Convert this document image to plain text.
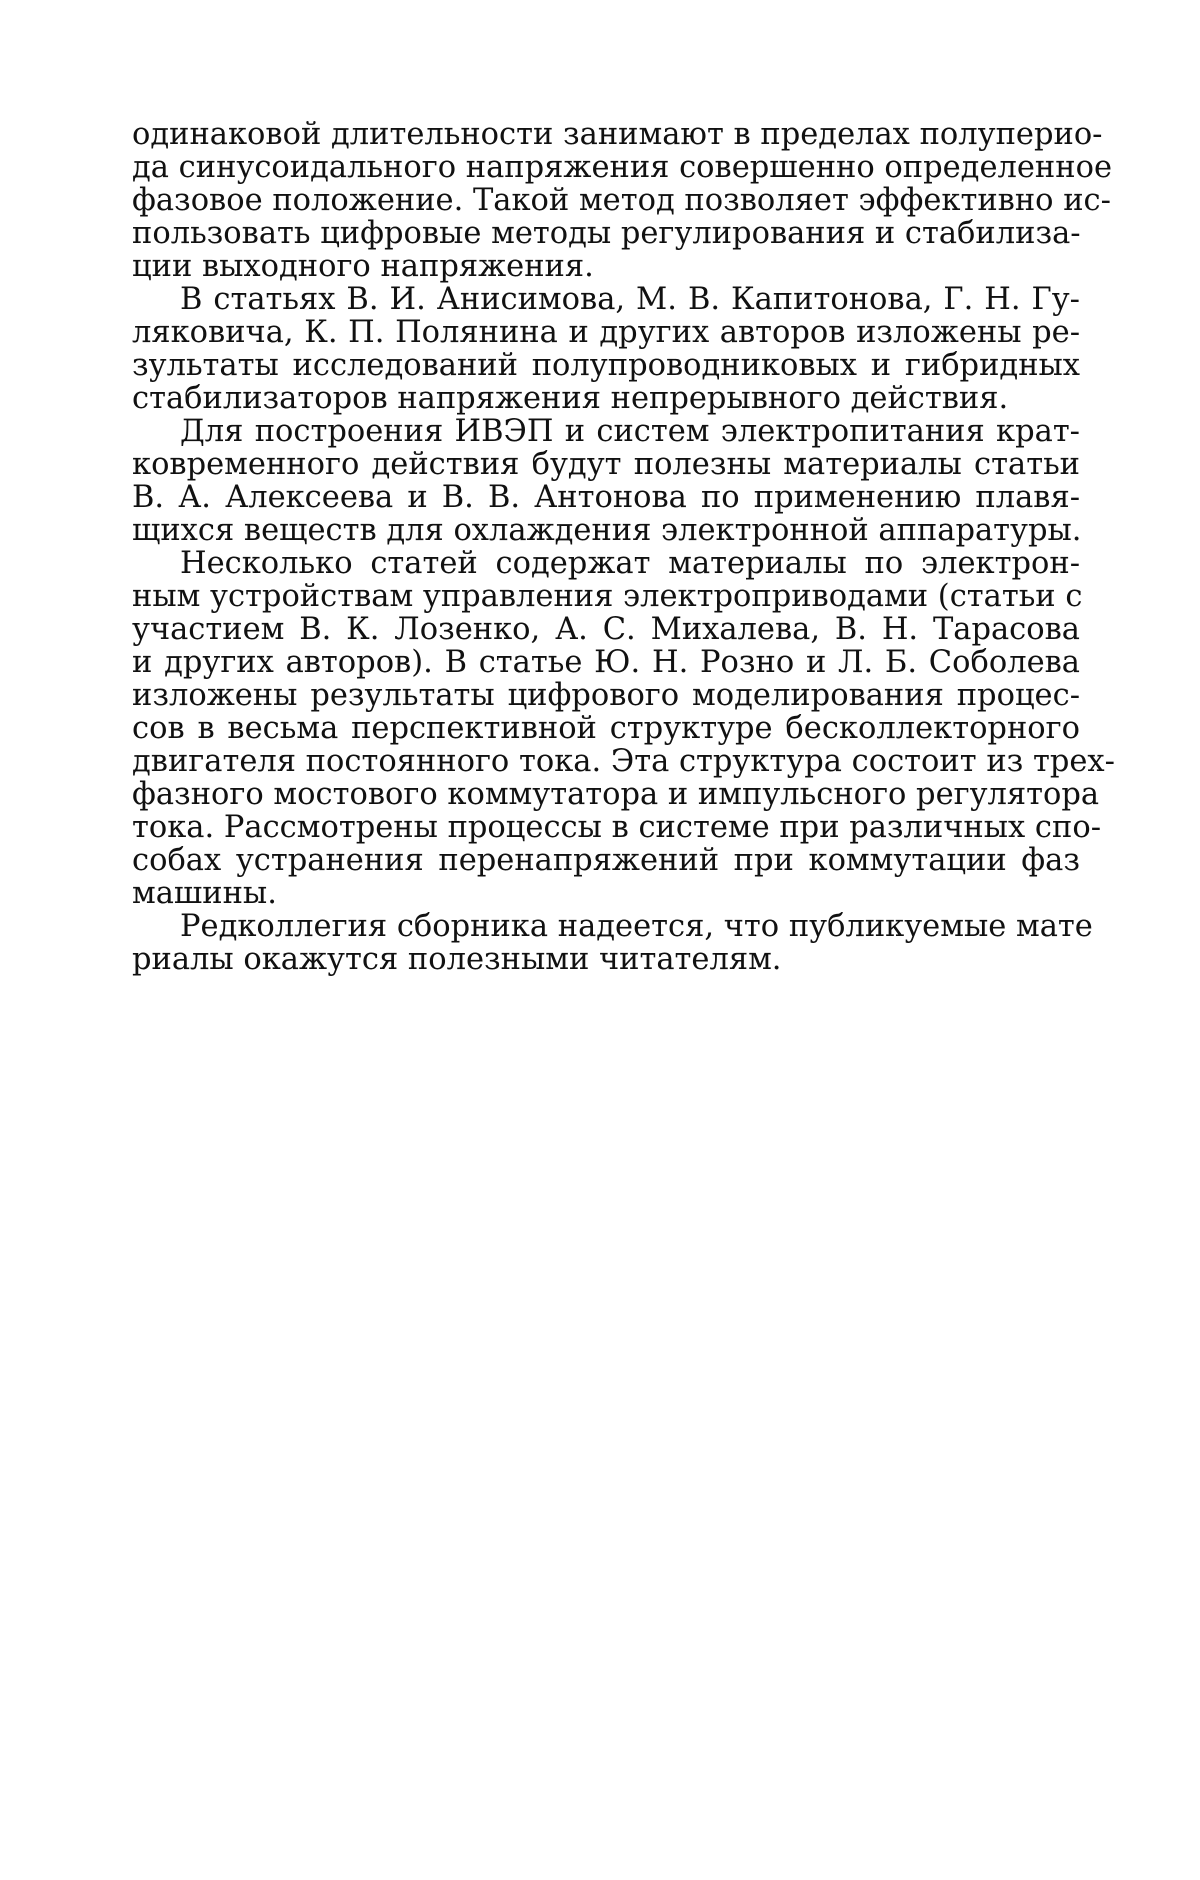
одинаковой длительности занимают в пределах полуперио-
да синусоидального напряжения совершенно определенное
фазовое положение. Такой метод позволяет эффективно ис-
пользовать цифровые методы регулирования и стабилиза-
ции выходного напряжения.
В статьях В. И. Анисимова, М. В. Капитонова, Г. Н. Гу-
ляковича, К. П. Полянина и других авторов изложены ре-
зультаты исследований полупроводниковых и гибридных
стабилизаторов напряжения непрерывного действия.
Для построения ИВЭП и систем электропитания крат-
ковременного действия будут полезны материалы статьи
В. А. Алексеева и В. В. Антонова по применению плавя-
щихся веществ для охлаждения электронной аппаратуры.
Несколько статей содержат материалы по электрон-
ным устройствам управления электроприводами (статьи с
участием В. К. Лозенко, А. С. Михалева, В. Н. Тарасова
и других авторов). В статье Ю. Н. Розно и Л. Б. Соболева
изложены результаты цифрового моделирования процес-
сов в весьма перспективной структуре бесколлекторного
двигателя постоянного тока. Эта структура состоит из трех-
фазного мостового коммутатора и импульсного регулятора
тока. Рассмотрены процессы в системе при различных спо-
собах устранения перенапряжений при коммутации фаз
машины.
Редколлегия сборника надеется, что публикуемые мате
риалы окажутся полезными читателям.
